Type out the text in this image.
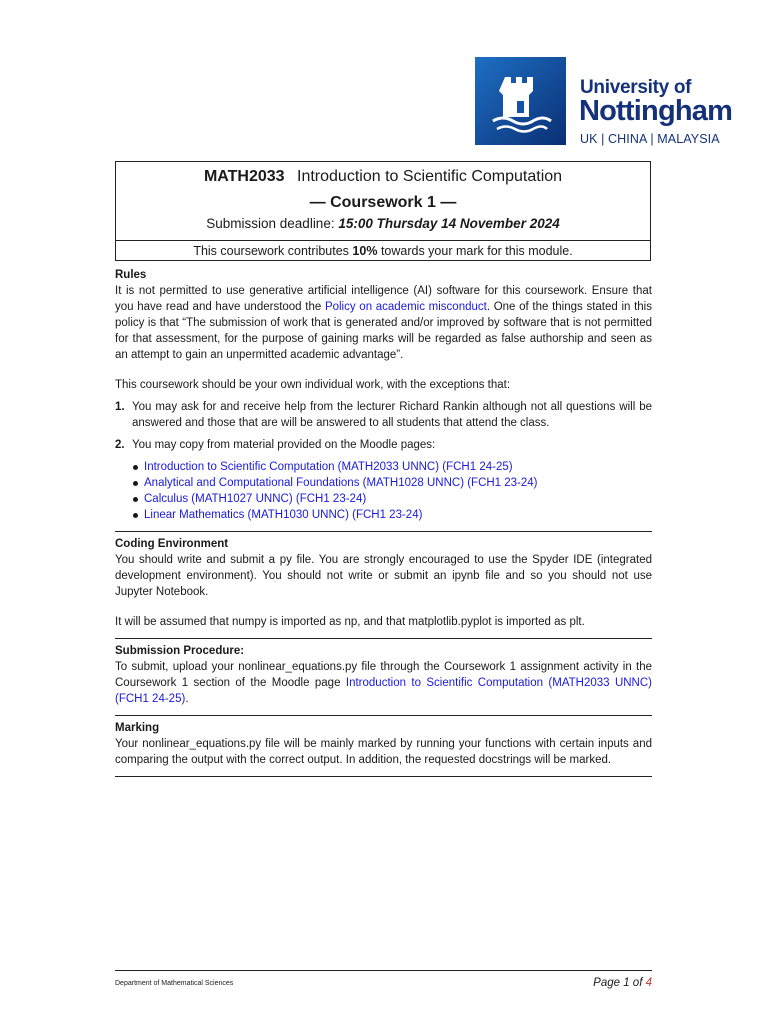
University of
Nottingham
UK | CHINA | MALAYSIA
MATH2033 Introduction to Scientific Computation
— Coursework 1 —
Submission deadline: 15:00 Thursday 14 November 2024
This coursework contributes 10% towards your mark for this module.
Rules

It is not permitted to use generative artificial intelligence (AI) software for this coursework. Ensure that you have read and have understood the Policy on academic misconduct. One of the things stated in this policy is that “The submission of work that is generated and/or improved by software that is not permitted for that assessment, for the purpose of gaining marks will be regarded as false authorship and seen as an attempt to gain an unpermitted academic advantage”.

This coursework should be your own individual work, with the exceptions that:

1. You may ask for and receive help from the lecturer Richard Rankin although not all questions will be answered and those that are will be answered to all students that attend the class.
2. You may copy from material provided on the Moodle pages:
Introduction to Scientific Computation (MATH2033 UNNC) (FCH1 24-25)
Analytical and Computational Foundations (MATH1028 UNNC) (FCH1 23-24)
Calculus (MATH1027 UNNC) (FCH1 23-24)
Linear Mathematics (MATH1030 UNNC) (FCH1 23-24)
Coding Environment

You should write and submit a py file. You are strongly encouraged to use the Spyder IDE (integrated development environment). You should not write or submit an ipynb file and so you should not use Jupyter Notebook.

It will be assumed that numpy is imported as np, and that matplotlib.pyplot is imported as plt.

Submission Procedure:

To submit, upload your nonlinear_equations.py file through the Coursework 1 assignment activity in the Coursework 1 section of the Moodle page Introduction to Scientific Computation (MATH2033 UNNC) (FCH1 24-25).

Marking

Your nonlinear_equations.py file will be mainly marked by running your functions with certain inputs and comparing the output with the correct output. In addition, the requested docstrings will be marked.

Department of Mathematical Sciences	Page 1 of 4
